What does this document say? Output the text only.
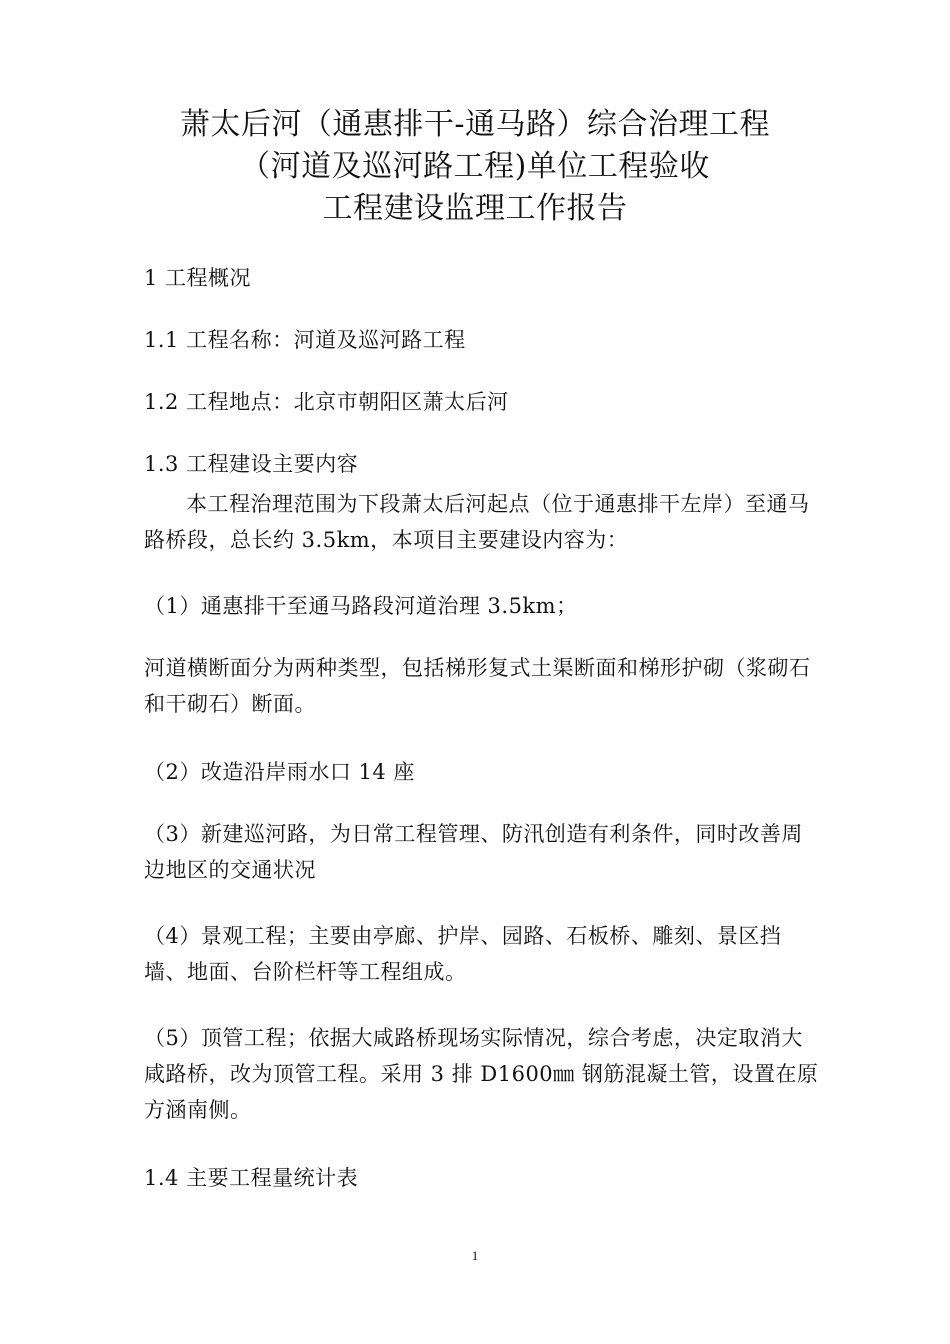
萧太后河（通惠排干-通马路）综合治理工程
（河道及巡河路工程)单位工程验收
工程建设监理工作报告
1 工程概况
1.1 工程名称：河道及巡河路工程
1.2 工程地点：北京市朝阳区萧太后河
1.3 工程建设主要内容
本工程治理范围为下段萧太后河起点（位于通惠排干左岸）至通马路桥段，总长约 3.5km，本项目主要建设内容为：
（1）通惠排干至通马路段河道治理 3.5km；
河道横断面分为两种类型，包括梯形复式土渠断面和梯形护砌（浆砌石和干砌石）断面。
（2）改造沿岸雨水口 14 座
（3）新建巡河路，为日常工程管理、防汛创造有利条件，同时改善周边地区的交通状况
（4）景观工程；主要由亭廊、护岸、园路、石板桥、雕刻、景区挡墙、地面、台阶栏杆等工程组成。
（5）顶管工程；依据大咸路桥现场实际情况，综合考虑，决定取消大咸路桥，改为顶管工程。采用 3 排 D1600㎜ 钢筋混凝土管，设置在原方涵南侧。
1.4 主要工程量统计表
1
